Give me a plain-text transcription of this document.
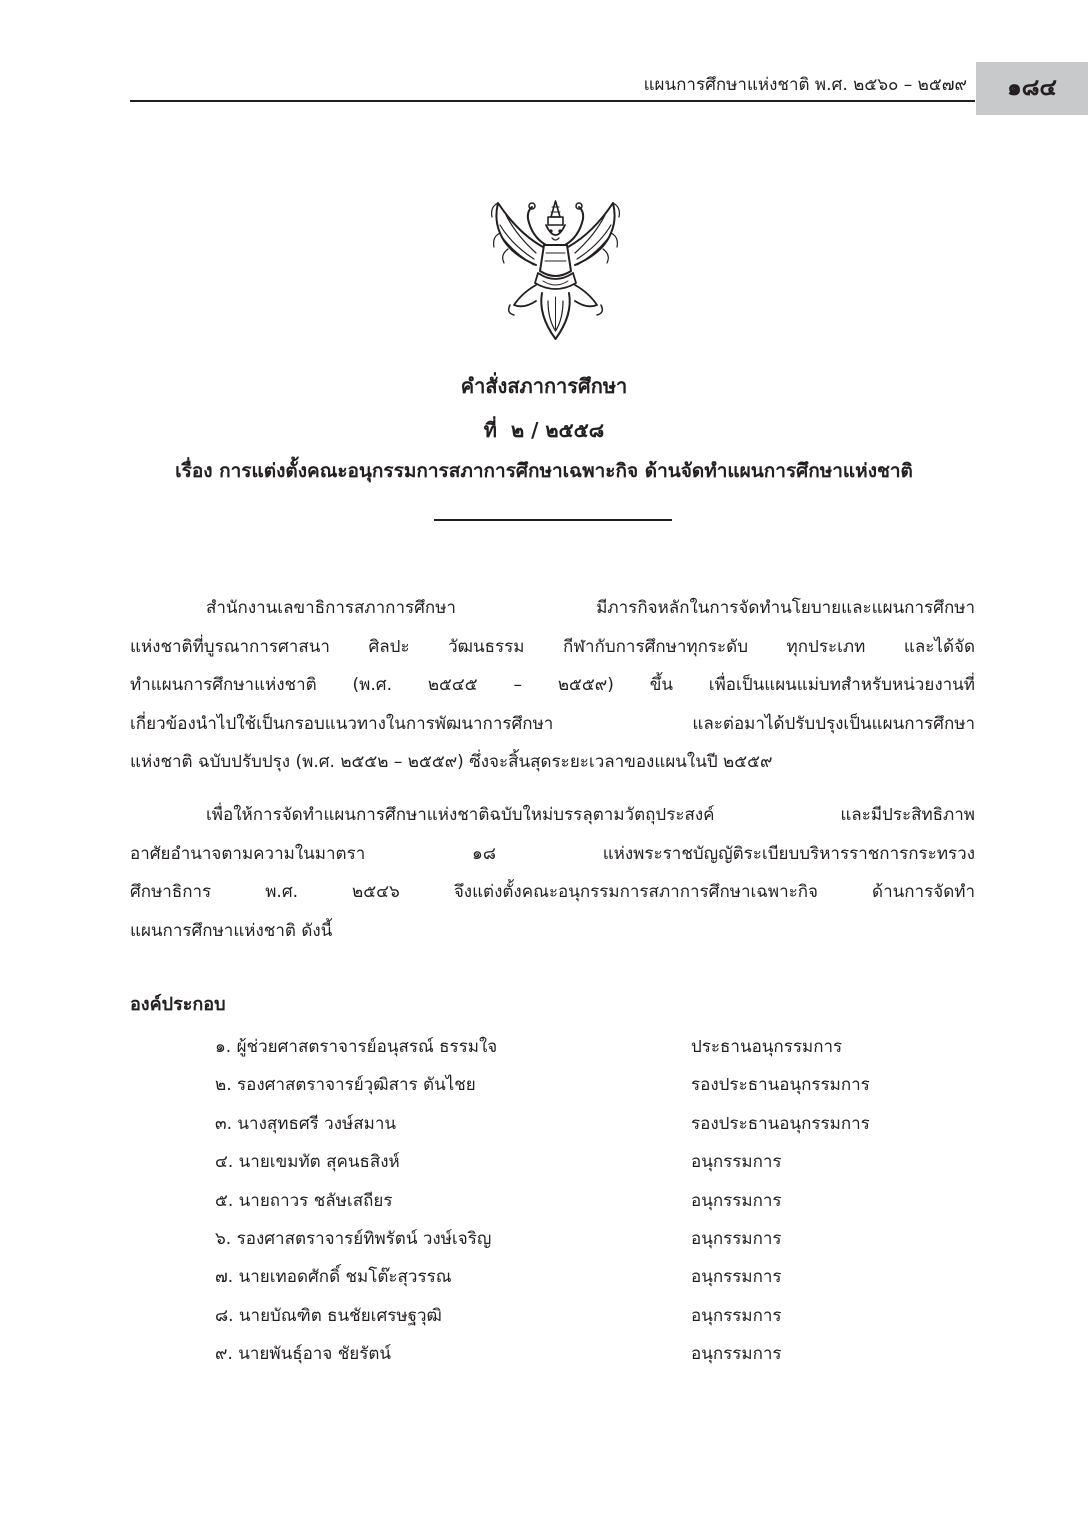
แผนการศึกษาแห่งชาติ พ.ศ. ๒๕๖๐ – ๒๕๗๙	๑๘๔
คำสั่งสภาการศึกษา
ที่ ๒ / ๒๕๕๘
เรื่อง การแต่งตั้งคณะอนุกรรมการสภาการศึกษาเฉพาะกิจ ด้านจัดทำแผนการศึกษาแห่งชาติ
สำนักงานเลขาธิการสภาการศึกษา มีภารกิจหลักในการจัดทำนโยบายและแผนการศึกษา
แห่งชาติที่บูรณาการศาสนา ศิลปะ วัฒนธรรม กีฬากับการศึกษาทุกระดับ ทุกประเภท และได้จัด
ทำแผนการศึกษาแห่งชาติ (พ.ศ. ๒๕๔๕ – ๒๕๕๙) ขึ้น เพื่อเป็นแผนแม่บทสำหรับหน่วยงานที่
เกี่ยวข้องนำไปใช้เป็นกรอบแนวทางในการพัฒนาการศึกษา และต่อมาได้ปรับปรุงเป็นแผนการศึกษา
แห่งชาติ ฉบับปรับปรุง (พ.ศ. ๒๕๕๒ – ๒๕๕๙) ซึ่งจะสิ้นสุดระยะเวลาของแผนในปี ๒๕๕๙
เพื่อให้การจัดทำแผนการศึกษาแห่งชาติฉบับใหม่บรรลุตามวัตถุประสงค์ และมีประสิทธิภาพ
อาศัยอำนาจตามความในมาตรา ๑๘ แห่งพระราชบัญญัติระเบียบบริหารราชการกระทรวง
ศึกษาธิการ พ.ศ. ๒๕๔๖ จึงแต่งตั้งคณะอนุกรรมการสภาการศึกษาเฉพาะกิจ ด้านการจัดทำ
แผนการศึกษาแห่งชาติ ดังนี้
องค์ประกอบ
๑. ผู้ช่วยศาสตราจารย์อนุสรณ์ ธรรมใจ	ประธานอนุกรรมการ
๒. รองศาสตราจารย์วุฒิสาร ตันไชย	รองประธานอนุกรรมการ
๓. นางสุทธศรี วงษ์สมาน	รองประธานอนุกรรมการ
๔. นายเขมทัต สุคนธสิงห์	อนุกรรมการ
๕. นายถาวร ชลัษเสถียร	อนุกรรมการ
๖. รองศาสตราจารย์ทิพรัตน์ วงษ์เจริญ	อนุกรรมการ
๗. นายเทอดศักดิ์ ชมโต๊ะสุวรรณ	อนุกรรมการ
๘. นายบัณฑิต ธนชัยเศรษฐวุฒิ	อนุกรรมการ
๙. นายพันธุ์อาจ ชัยรัตน์	อนุกรรมการ
